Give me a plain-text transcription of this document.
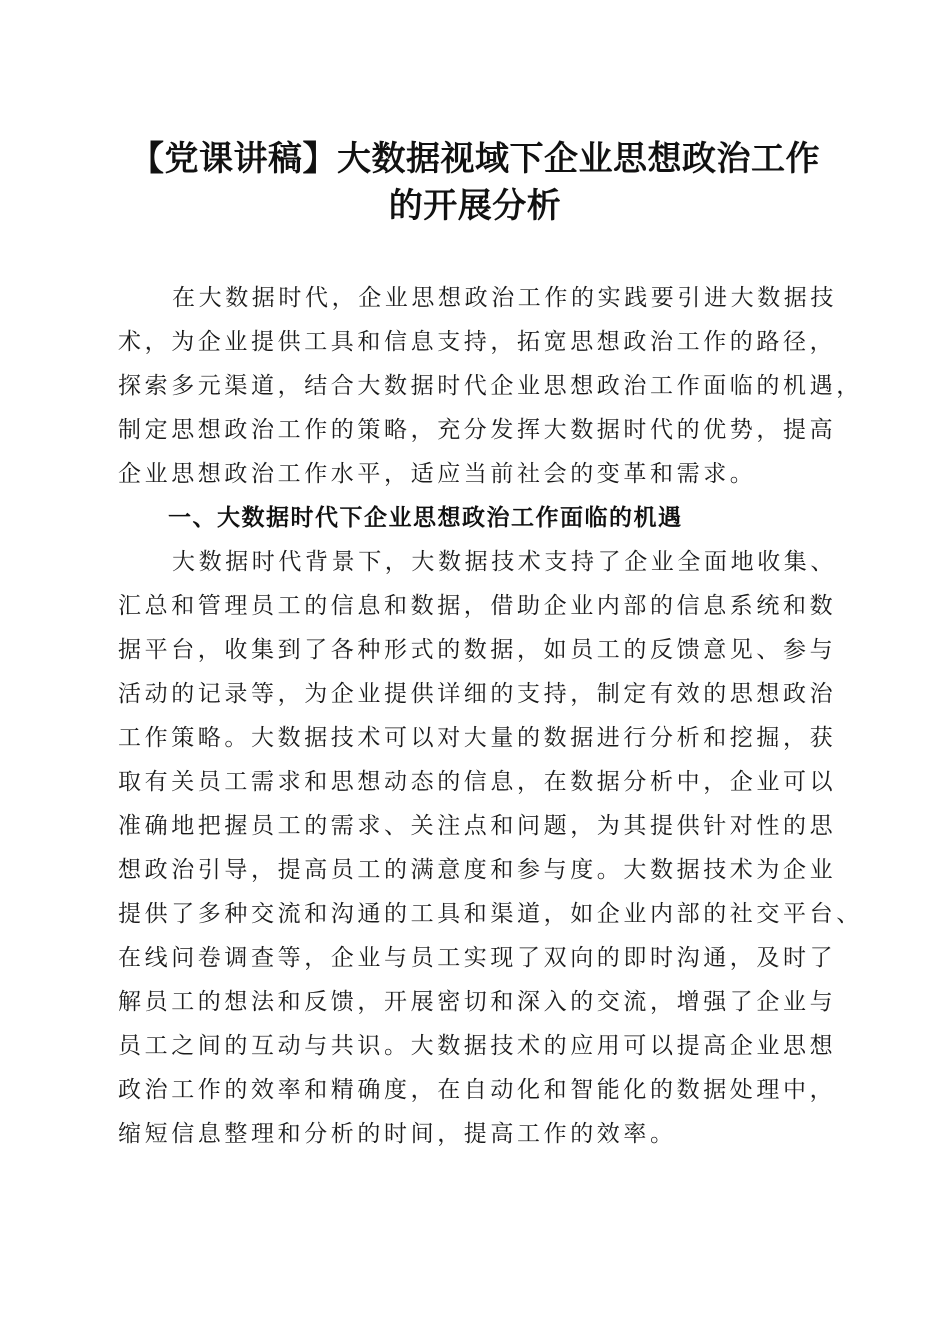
【党课讲稿】大数据视域下企业思想政治工作
的开展分析
在大数据时代，企业思想政治工作的实践要引进大数据技
术，为企业提供工具和信息支持，拓宽思想政治工作的路径，
探索多元渠道，结合大数据时代企业思想政治工作面临的机遇，
制定思想政治工作的策略，充分发挥大数据时代的优势，提高
企业思想政治工作水平，适应当前社会的变革和需求。
一、大数据时代下企业思想政治工作面临的机遇
大数据时代背景下，大数据技术支持了企业全面地收集、
汇总和管理员工的信息和数据，借助企业内部的信息系统和数
据平台，收集到了各种形式的数据，如员工的反馈意见、参与
活动的记录等，为企业提供详细的支持，制定有效的思想政治
工作策略。大数据技术可以对大量的数据进行分析和挖掘，获
取有关员工需求和思想动态的信息，在数据分析中，企业可以
准确地把握员工的需求、关注点和问题，为其提供针对性的思
想政治引导，提高员工的满意度和参与度。大数据技术为企业
提供了多种交流和沟通的工具和渠道，如企业内部的社交平台、
在线问卷调查等，企业与员工实现了双向的即时沟通，及时了
解员工的想法和反馈，开展密切和深入的交流，增强了企业与
员工之间的互动与共识。大数据技术的应用可以提高企业思想
政治工作的效率和精确度，在自动化和智能化的数据处理中，
缩短信息整理和分析的时间，提高工作的效率。
